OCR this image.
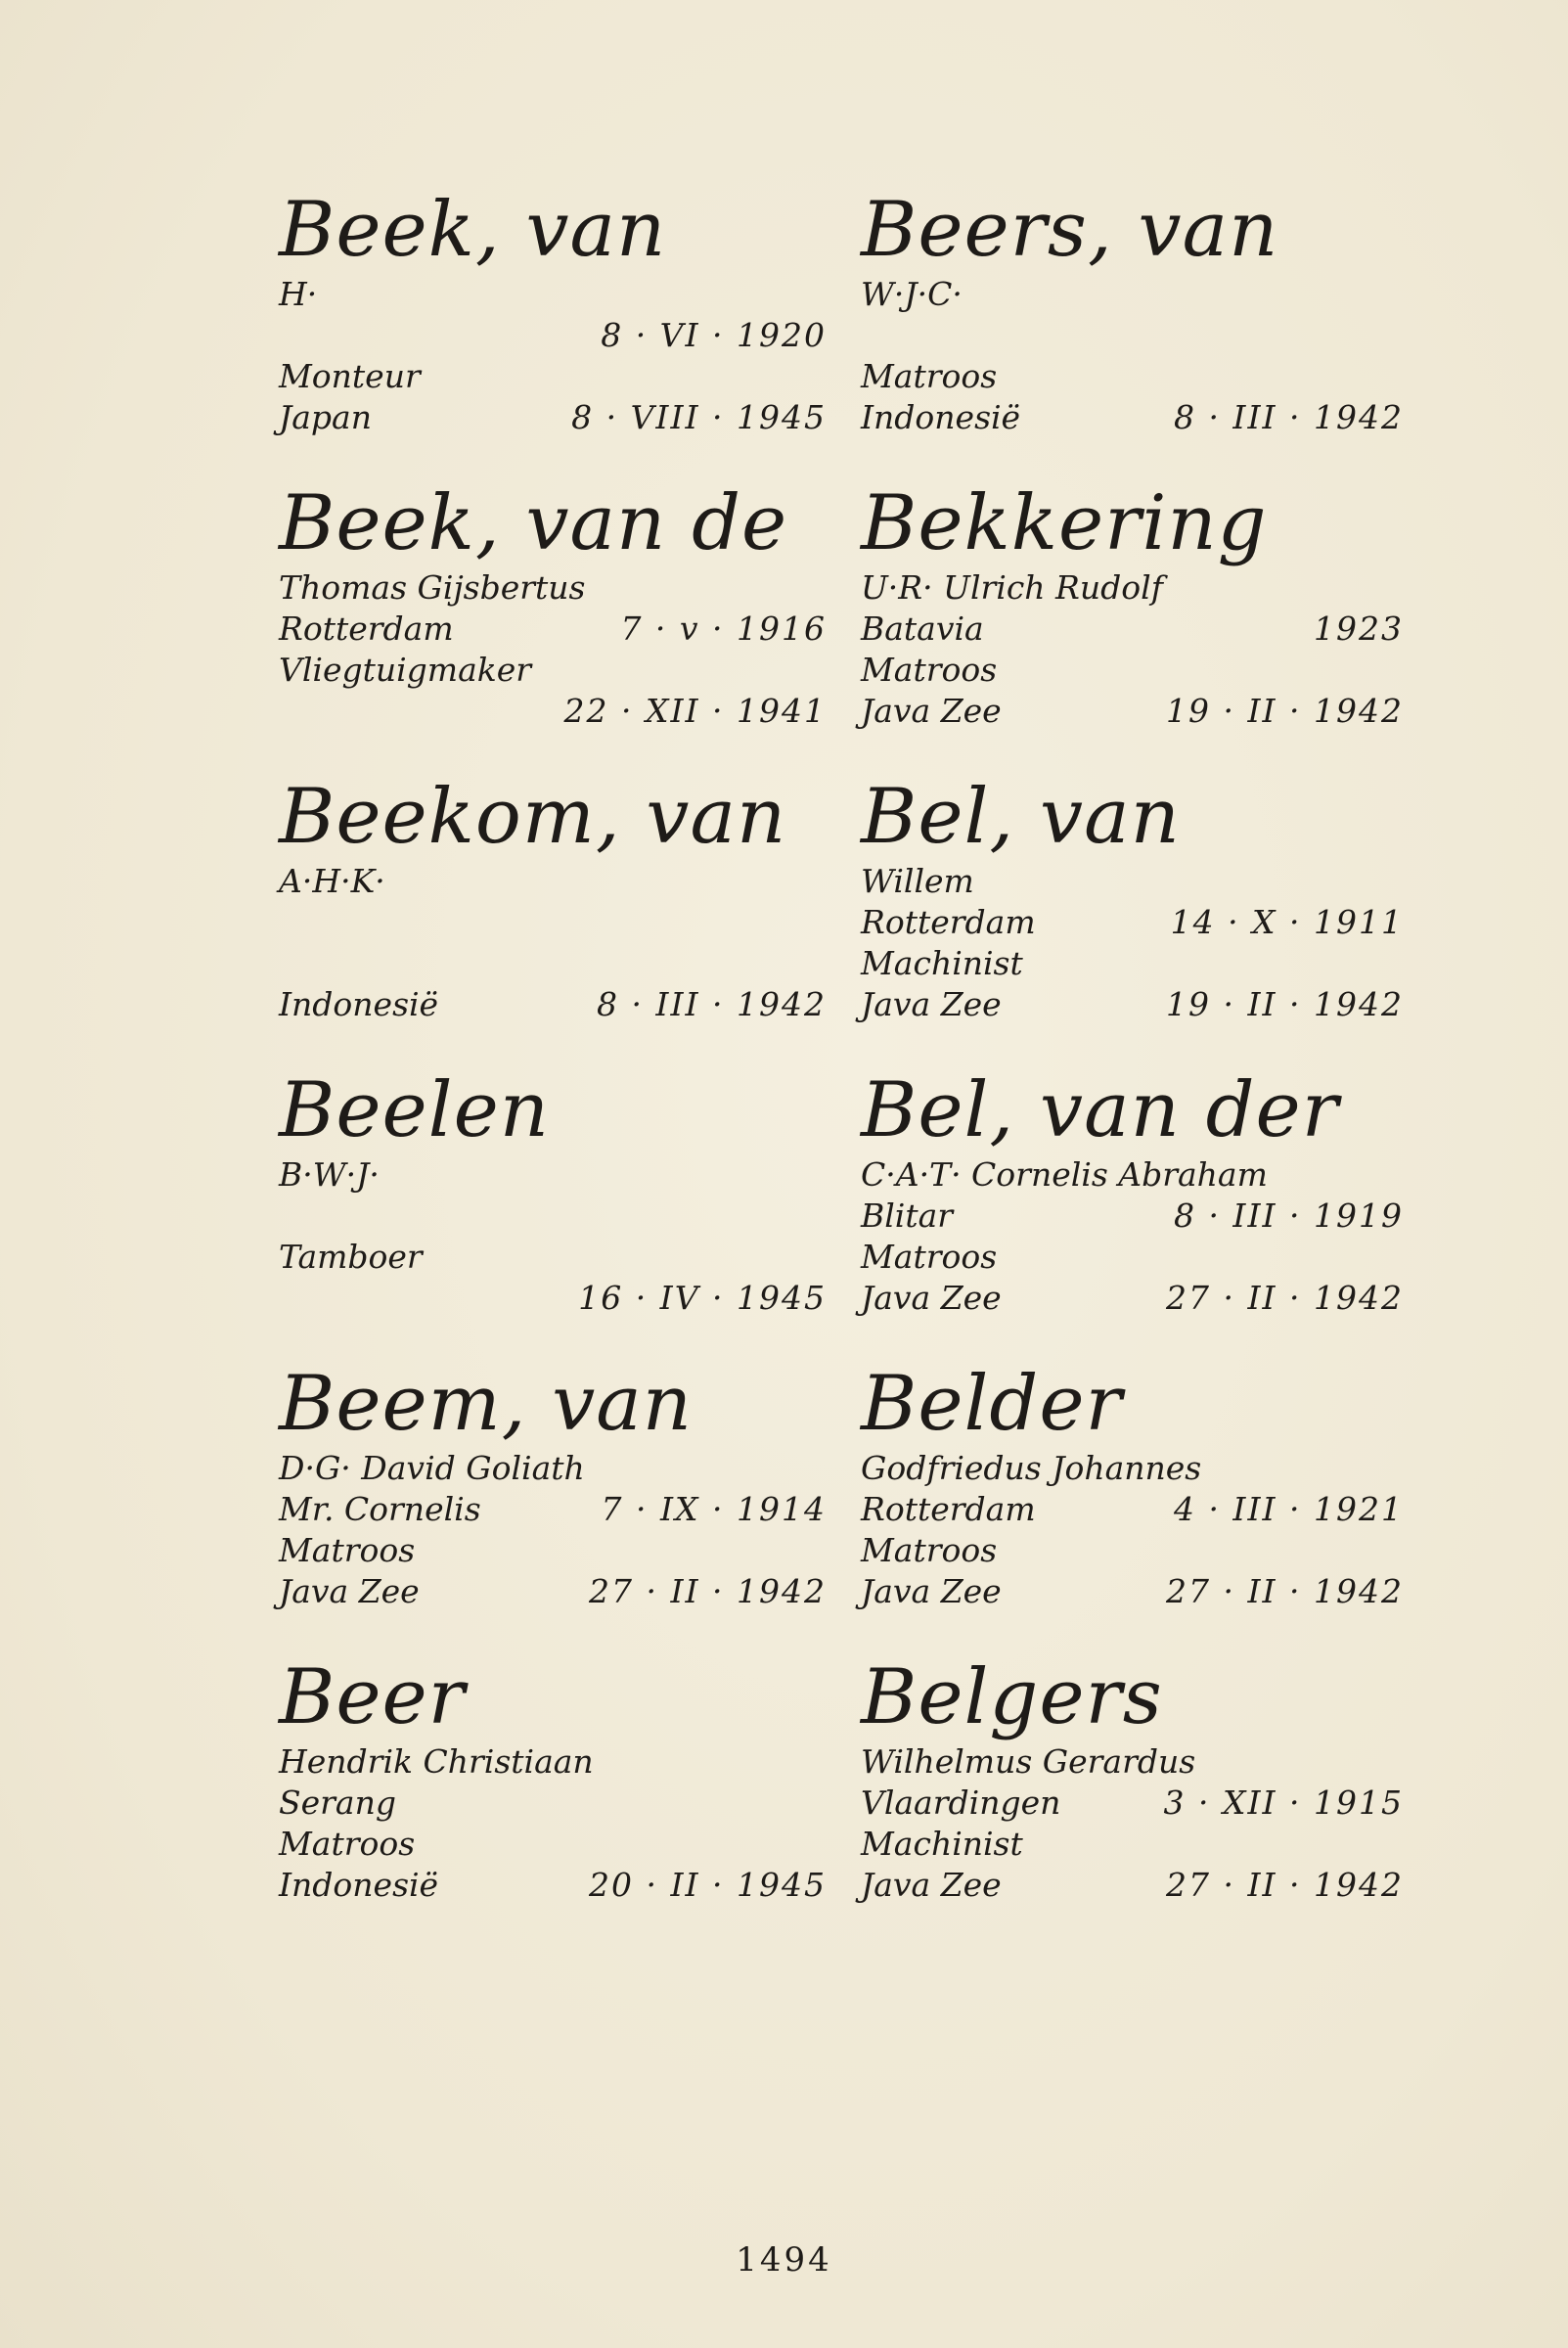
Beek, van
H·
8 · VI · 1920
Monteur
Japan	8 · VIII · 1945
Beek, van de
Thomas Gijsbertus
Rotterdam	7 · v · 1916
Vliegtuigmaker
22 · XII · 1941
Beekom, van
A·H·K·
Indonesië	8 · III · 1942
Beelen
B·W·J·
Tamboer
16 · IV · 1945
Beem, van
D·G· David Goliath
Mr. Cornelis	7 · IX · 1914
Matroos
Java Zee	27 · II · 1942
Beer
Hendrik Christiaan
Serang
Matroos
Indonesië	20 · II · 1945
Beers, van
W·J·C·
Matroos
Indonesië	8 · III · 1942
Bekkering
U·R· Ulrich Rudolf
Batavia	1923
Matroos
Java Zee	19 · II · 1942
Bel, van
Willem
Rotterdam	14 · X · 1911
Machinist
Java Zee	19 · II · 1942
Bel, van der
C·A·T· Cornelis Abraham
Blitar	8 · III · 1919
Matroos
Java Zee	27 · II · 1942
Belder
Godfriedus Johannes
Rotterdam	4 · III · 1921
Matroos
Java Zee	27 · II · 1942
Belgers
Wilhelmus Gerardus
Vlaardingen	3 · XII · 1915
Machinist
Java Zee	27 · II · 1942
1494
